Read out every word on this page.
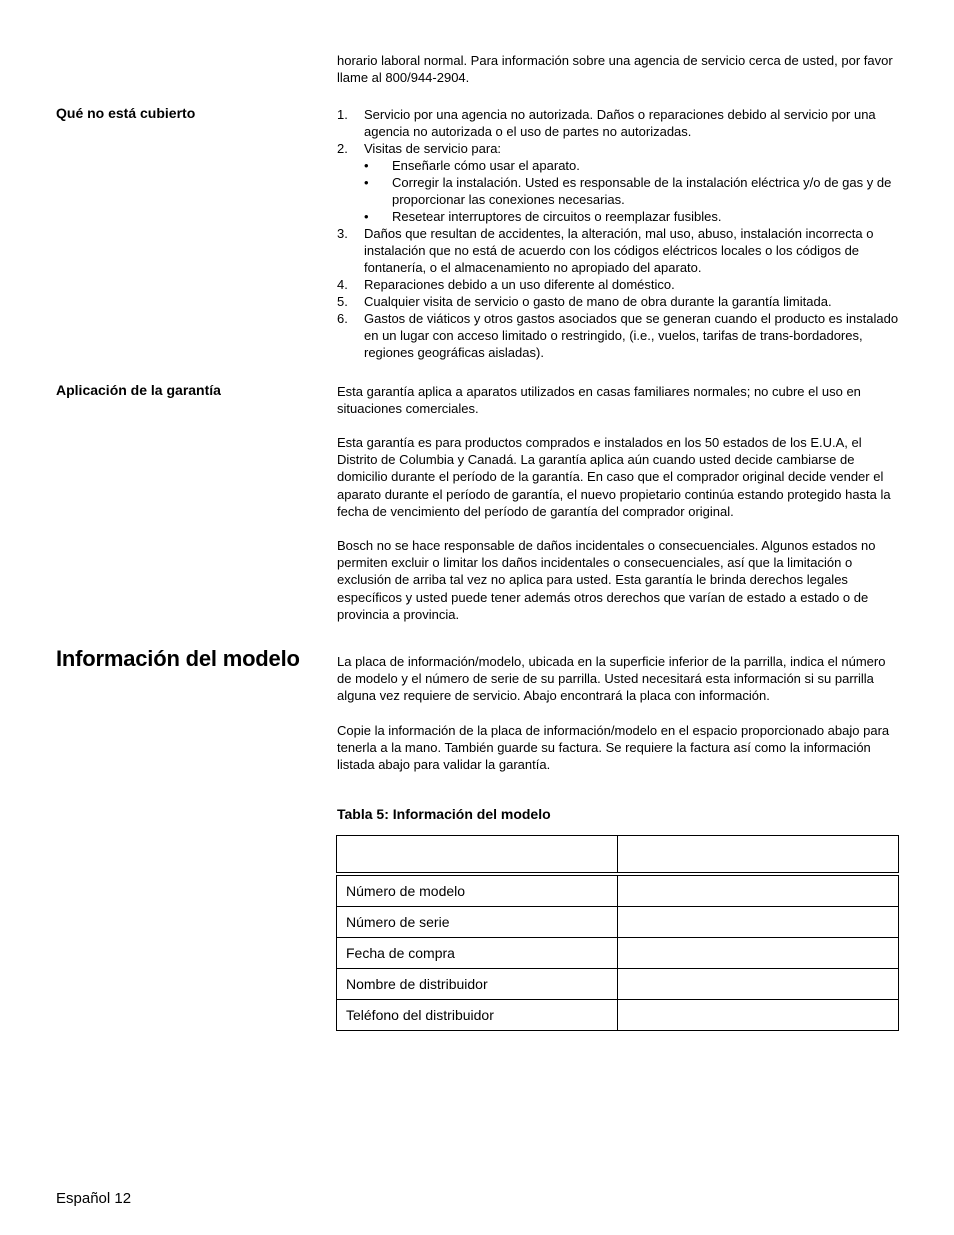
horario laboral normal. Para información sobre una agencia de servicio cerca de usted, por favor llame al 800/944-2904.

Qué no está cubierto	1. Servicio por una agencia no autorizada. Daños o reparaciones debido al servicio por una agencia no autorizada o el uso de partes no autorizadas.
2. Visitas de servicio para:
• Enseñarle cómo usar el aparato.
• Corregir la instalación. Usted es responsable de la instalación eléctrica y/o de gas y de proporcionar las conexiones necesarias.
• Resetear interruptores de circuitos o reemplazar fusibles.
3. Daños que resultan de accidentes, la alteración, mal uso, abuso, instalación incorrecta o instalación que no está de acuerdo con los códigos eléctricos locales o los códigos de fontanería, o el almacenamiento no apropiado del aparato.
4. Reparaciones debido a un uso diferente al doméstico.
5. Cualquier visita de servicio o gasto de mano de obra durante la garantía limitada.
6. Gastos de viáticos y otros gastos asociados que se generan cuando el producto es instalado en un lugar con acceso limitado o restringido, (i.e., vuelos, tarifas de trans-bordadores, regiones geográficas aisladas).
Aplicación de la garantía	Esta garantía aplica a aparatos utilizados en casas familiares normales; no cubre el uso en situaciones comerciales.

Esta garantía es para productos comprados e instalados en los 50 estados de los E.U.A, el Distrito de Columbia y Canadá. La garantía aplica aún cuando usted decide cambiarse de domicilio durante el período de la garantía. En caso que el comprador original decide vender el aparato durante el período de garantía, el nuevo propietario continúa estando protegido hasta la fecha de vencimiento del período de garantía del comprador original.

Bosch no se hace responsable de daños incidentales o consecuenciales. Algunos estados no permiten excluir o limitar los daños incidentales o consecuenciales, así que la limitación o exclusión de arriba tal vez no aplica para usted. Esta garantía le brinda derechos legales específicos y usted puede tener además otros derechos que varían de estado a estado o de provincia a provincia.

Información del modelo	La placa de información/modelo, ubicada en la superficie inferior de la parrilla, indica el número de modelo y el número de serie de su parrilla. Usted necesitará esta información si su parrilla alguna vez requiere de servicio. Abajo encontrará la placa con información.

Copie la información de la placa de información/modelo en el espacio proporcionado abajo para tenerla a la mano. También guarde su factura. Se requiere la factura así como la información listada abajo para validar la garantía.

Tabla 5: Información del modelo

Número de modelo	
Número de serie	
Fecha de compra	
Nombre de distribuidor	
Teléfono del distribuidor	
Español 12
